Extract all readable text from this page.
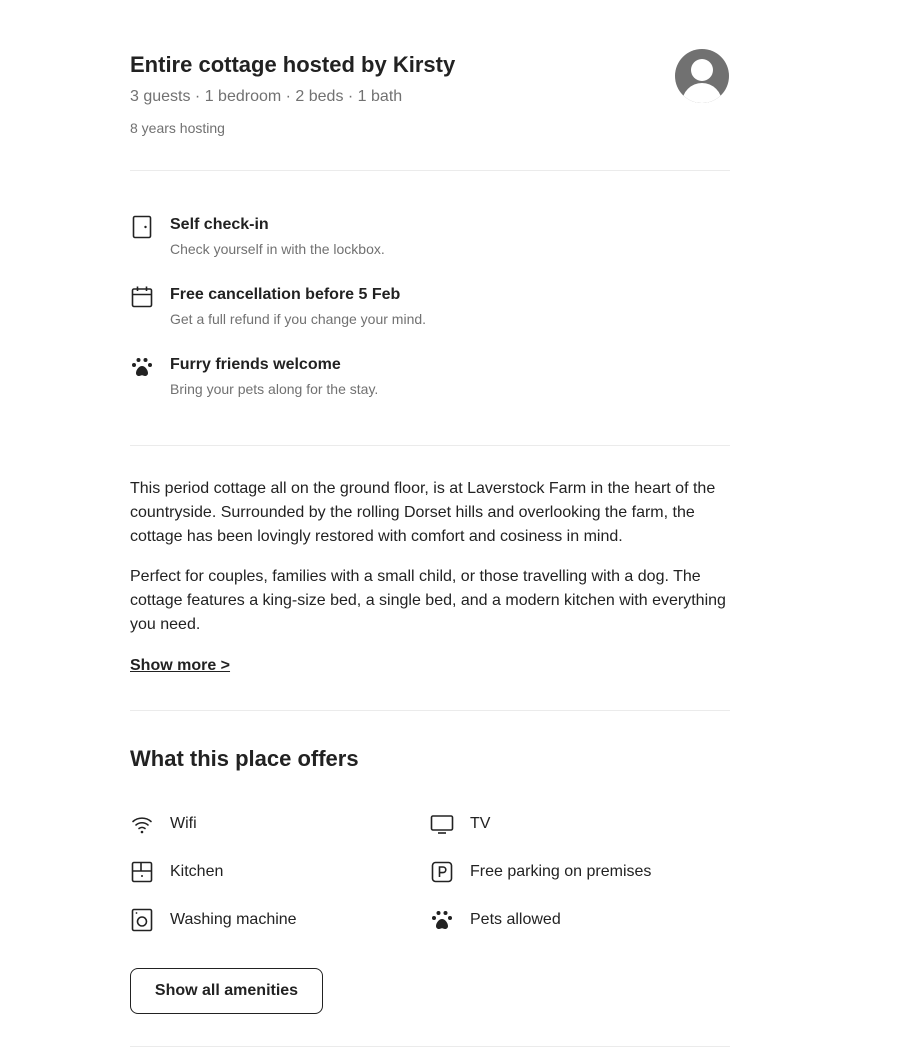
Entire cottage hosted by Kirsty
3 guests · 1 bedroom · 2 beds · 1 bath
8 years hosting
Self check-in
Check yourself in with the lockbox.
Free cancellation before 5 Feb
Get a full refund if you change your mind.
Furry friends welcome
Bring your pets along for the stay.

This period cottage all on the ground floor, is at Laverstock Farm in the heart of the countryside. Surrounded by the rolling Dorset hills and overlooking the farm, the cottage has been lovingly restored with comfort and cosiness in mind.

Perfect for couples, families with a small child, or those travelling with a dog. The cottage features a king-size bed, a single bed, and a modern kitchen with everything you need.

Show more >
What this place offers
Wifi	TV
Kitchen	Free parking on premises
Washing machine	Pets allowed
Show all amenities
